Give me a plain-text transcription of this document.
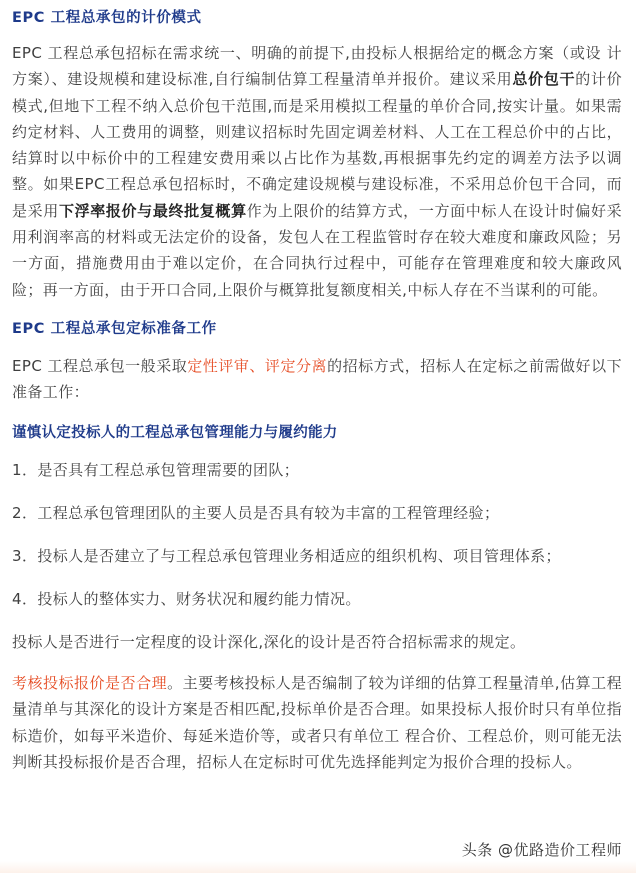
EPC 工程总承包的计价模式

EPC 工程总承包招标在需求统一、明确的前提下,由投标人根据给定的概念方案（或设 计方案）、建设规模和建设标准,自行编制估算工程量清单并报价。建议采用总价包干的计价模式,但地下工程不纳入总价包干范围,而是采用模拟工程量的单价合同,按实计量。如果需约定材料、人工费用的调整，则建议招标时先固定调差材料、人工在工程总价中的占比，结算时以中标价中的工程建安费用乘以占比作为基数,再根据事先约定的调差方法予以调整。如果EPC工程总承包招标时，不确定建设规模与建设标准，不采用总价包干合同，而是采用下浮率报价与最终批复概算作为上限价的结算方式，一方面中标人在设计时偏好采用利润率高的材料或无法定价的设备，发包人在工程监管时存在较大难度和廉政风险；另一方面，措施费用由于难以定价，在合同执行过程中，可能存在管理难度和较大廉政风险；再一方面，由于开口合同,上限价与概算批复额度相关,中标人存在不当谋利的可能。

EPC 工程总承包定标准备工作

EPC 工程总承包一般采取定性评审、评定分离的招标方式，招标人在定标之前需做好以下准备工作：

谨慎认定投标人的工程总承包管理能力与履约能力

1．是否具有工程总承包管理需要的团队；

2．工程总承包管理团队的主要人员是否具有较为丰富的工程管理经验；

3．投标人是否建立了与工程总承包管理业务相适应的组织机构、项目管理体系；

4．投标人的整体实力、财务状况和履约能力情况。

投标人是否进行一定程度的设计深化,深化的设计是否符合招标需求的规定。

考核投标报价是否合理。主要考核投标人是否编制了较为详细的估算工程量清单,估算工程量清单与其深化的设计方案是否相匹配,投标单价是否合理。如果投标人报价时只有单位指标造价，如每平米造价、每延米造价等，或者只有单位工 程合价、工程总价，则可能无法判断其投标报价是否合理，招标人在定标时可优先选择能判定为报价合理的投标人。

头条 @优路造价工程师
